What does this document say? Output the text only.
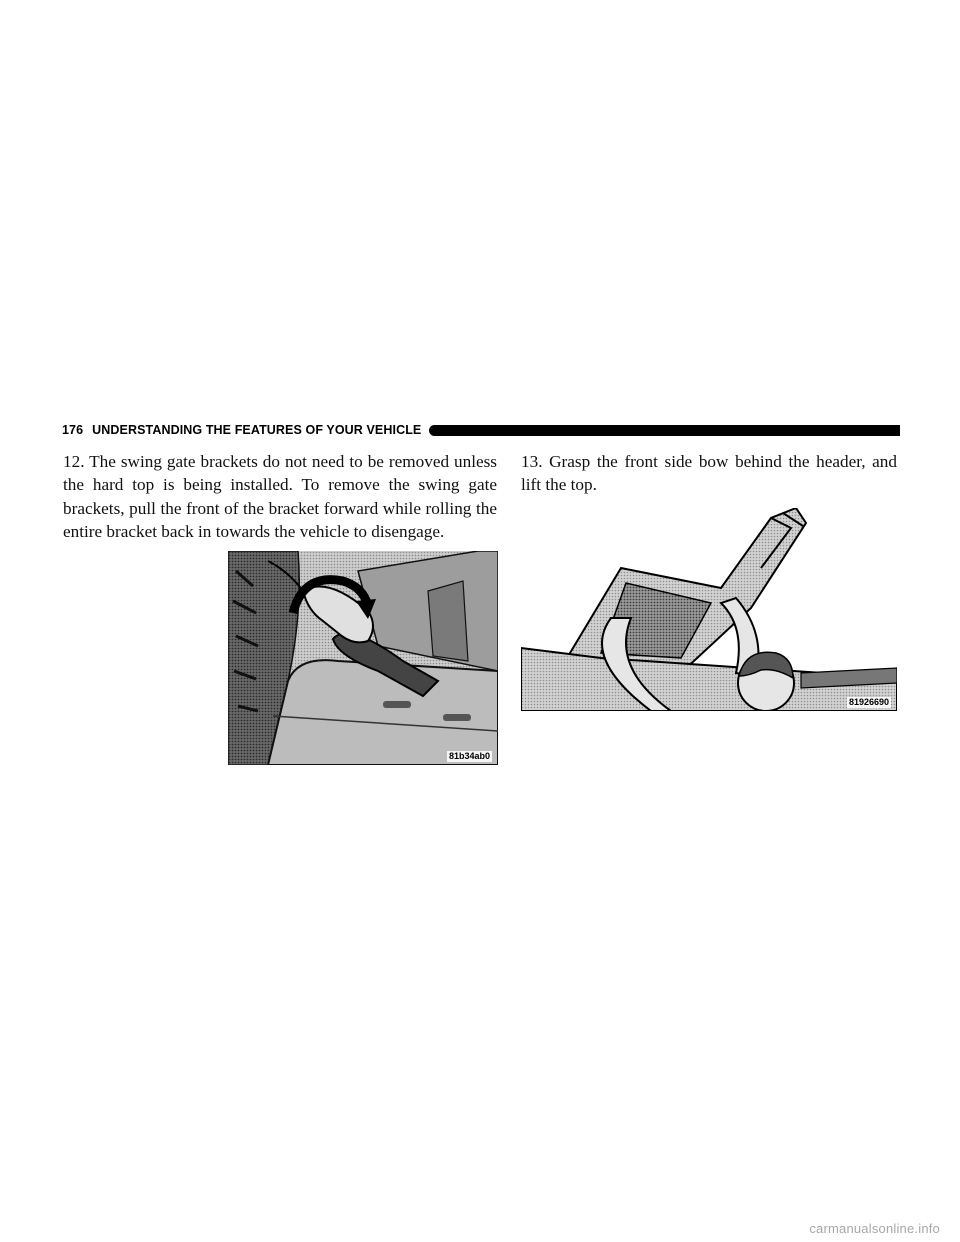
176 UNDERSTANDING THE FEATURES OF YOUR VEHICLE

12. The swing gate brackets do not need to be removed unless the hard top is being installed. To remove the swing gate brackets, pull the front of the bracket forward while rolling the entire bracket back in towards the vehicle to disengage.

13. Grasp the front side bow behind the header, and lift the top.

81b34ab0
81926690
carmanualsonline.info
